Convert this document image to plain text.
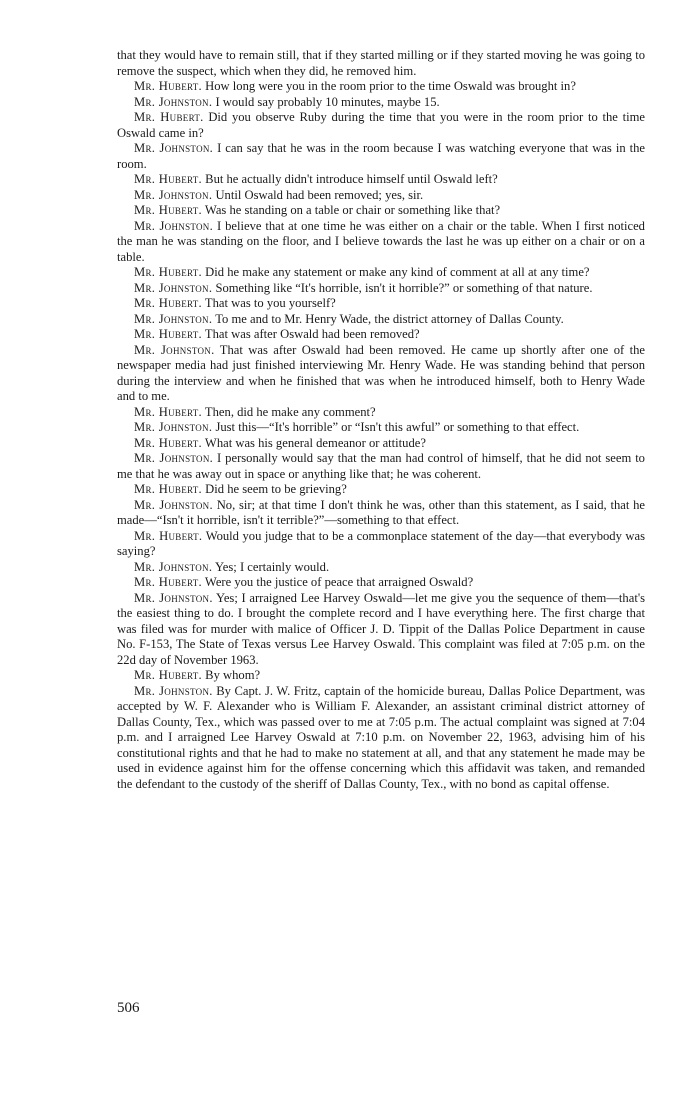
that they would have to remain still, that if they started milling or if they started moving he was going to remove the suspect, which when they did, he removed him.

Mr. Hubert. How long were you in the room prior to the time Oswald was brought in?

Mr. Johnston. I would say probably 10 minutes, maybe 15.

Mr. Hubert. Did you observe Ruby during the time that you were in the room prior to the time Oswald came in?

Mr. Johnston. I can say that he was in the room because I was watching everyone that was in the room.

Mr. Hubert. But he actually didn't introduce himself until Oswald left?

Mr. Johnston. Until Oswald had been removed; yes, sir.

Mr. Hubert. Was he standing on a table or chair or something like that?

Mr. Johnston. I believe that at one time he was either on a chair or the table. When I first noticed the man he was standing on the floor, and I believe towards the last he was up either on a chair or on a table.

Mr. Hubert. Did he make any statement or make any kind of comment at all at any time?

Mr. Johnston. Something like “It's horrible, isn't it horrible?” or something of that nature.

Mr. Hubert. That was to you yourself?

Mr. Johnston. To me and to Mr. Henry Wade, the district attorney of Dallas County.

Mr. Hubert. That was after Oswald had been removed?

Mr. Johnston. That was after Oswald had been removed. He came up shortly after one of the newspaper media had just finished interviewing Mr. Henry Wade. He was standing behind that person during the interview and when he finished that was when he introduced himself, both to Henry Wade and to me.

Mr. Hubert. Then, did he make any comment?

Mr. Johnston. Just this—“It's horrible” or “Isn't this awful” or something to that effect.

Mr. Hubert. What was his general demeanor or attitude?

Mr. Johnston. I personally would say that the man had control of himself, that he did not seem to me that he was away out in space or anything like that; he was coherent.

Mr. Hubert. Did he seem to be grieving?

Mr. Johnston. No, sir; at that time I don't think he was, other than this statement, as I said, that he made—“Isn't it horrible, isn't it terrible?”—something to that effect.

Mr. Hubert. Would you judge that to be a commonplace statement of the day—that everybody was saying?

Mr. Johnston. Yes; I certainly would.

Mr. Hubert. Were you the justice of peace that arraigned Oswald?

Mr. Johnston. Yes; I arraigned Lee Harvey Oswald—let me give you the sequence of them—that's the easiest thing to do. I brought the complete record and I have everything here. The first charge that was filed was for murder with malice of Officer J. D. Tippit of the Dallas Police Department in cause No. F-153, The State of Texas versus Lee Harvey Oswald. This complaint was filed at 7:05 p.m. on the 22d day of November 1963.

Mr. Hubert. By whom?

Mr. Johnston. By Capt. J. W. Fritz, captain of the homicide bureau, Dallas Police Department, was accepted by W. F. Alexander who is William F. Alexander, an assistant criminal district attorney of Dallas County, Tex., which was passed over to me at 7:05 p.m. The actual complaint was signed at 7:04 p.m. and I arraigned Lee Harvey Oswald at 7:10 p.m. on November 22, 1963, advising him of his constitutional rights and that he had to make no statement at all, and that any statement he made may be used in evidence against him for the offense concerning which this affidavit was taken, and remanded the defendant to the custody of the sheriff of Dallas County, Tex., with no bond as capital offense.

506
